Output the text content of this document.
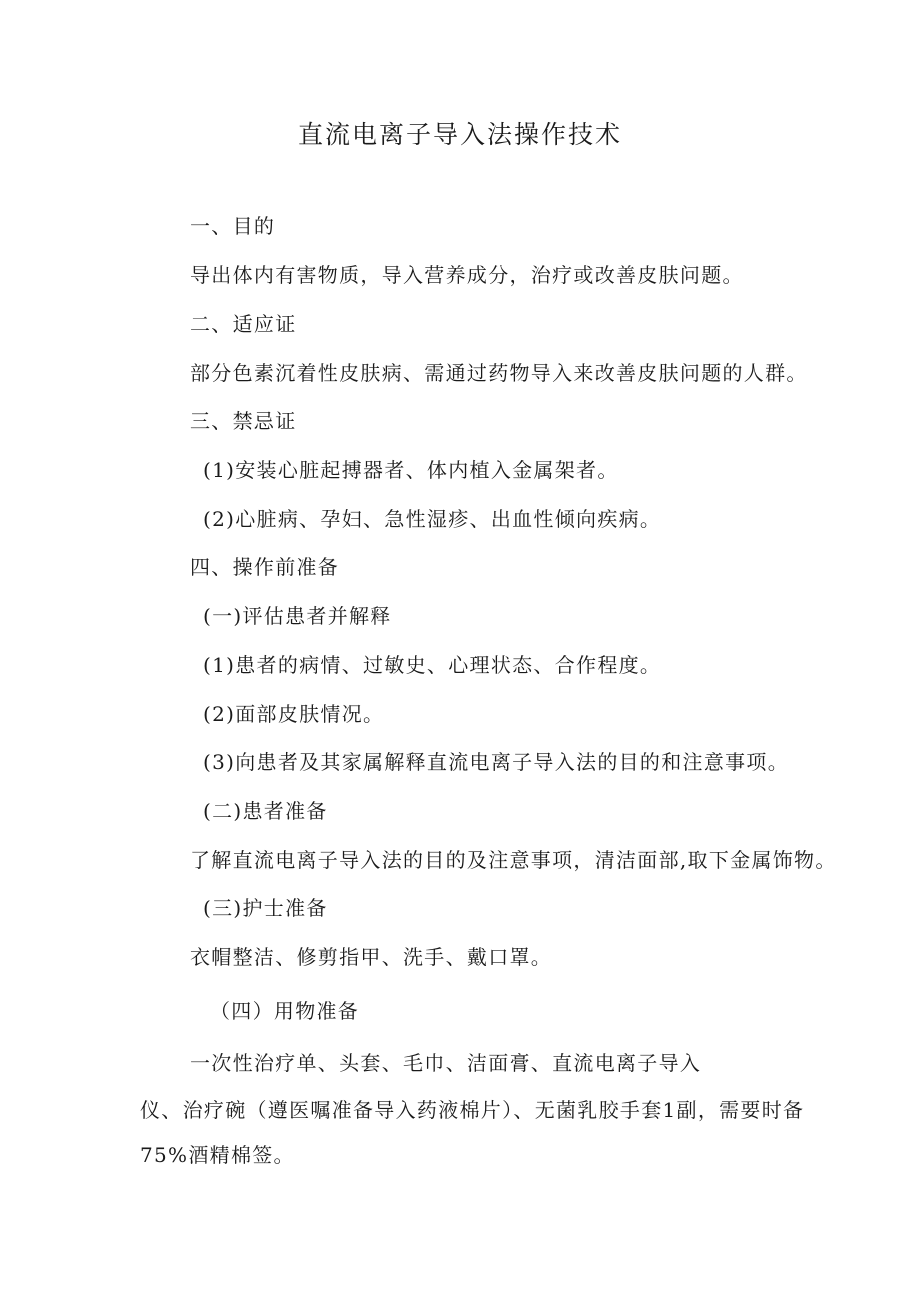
直流电离子导入法操作技术
一、目的
导出体内有害物质，导入营养成分，治疗或改善皮肤问题。
二、适应证
部分色素沉着性皮肤病、需通过药物导入来改善皮肤问题的人群。
三、禁忌证
(1)安装心脏起搏器者、体内植入金属架者。
(2)心脏病、孕妇、急性湿疹、出血性倾向疾病。
四、操作前准备
(一)评估患者并解释
(1)患者的病情、过敏史、心理状态、合作程度。
(2)面部皮肤情况。
(3)向患者及其家属解释直流电离子导入法的目的和注意事项。
(二)患者准备
了解直流电离子导入法的目的及注意事项，清洁面部,取下金属饰物。
(三)护士准备
衣帽整洁、修剪指甲、洗手、戴口罩。
（四）用物准备
一次性治疗单、头套、毛巾、洁面膏、直流电离子导入
仪、治疗碗（遵医嘱准备导入药液棉片）、无菌乳胶手套1副，需要时备
75%酒精棉签。
